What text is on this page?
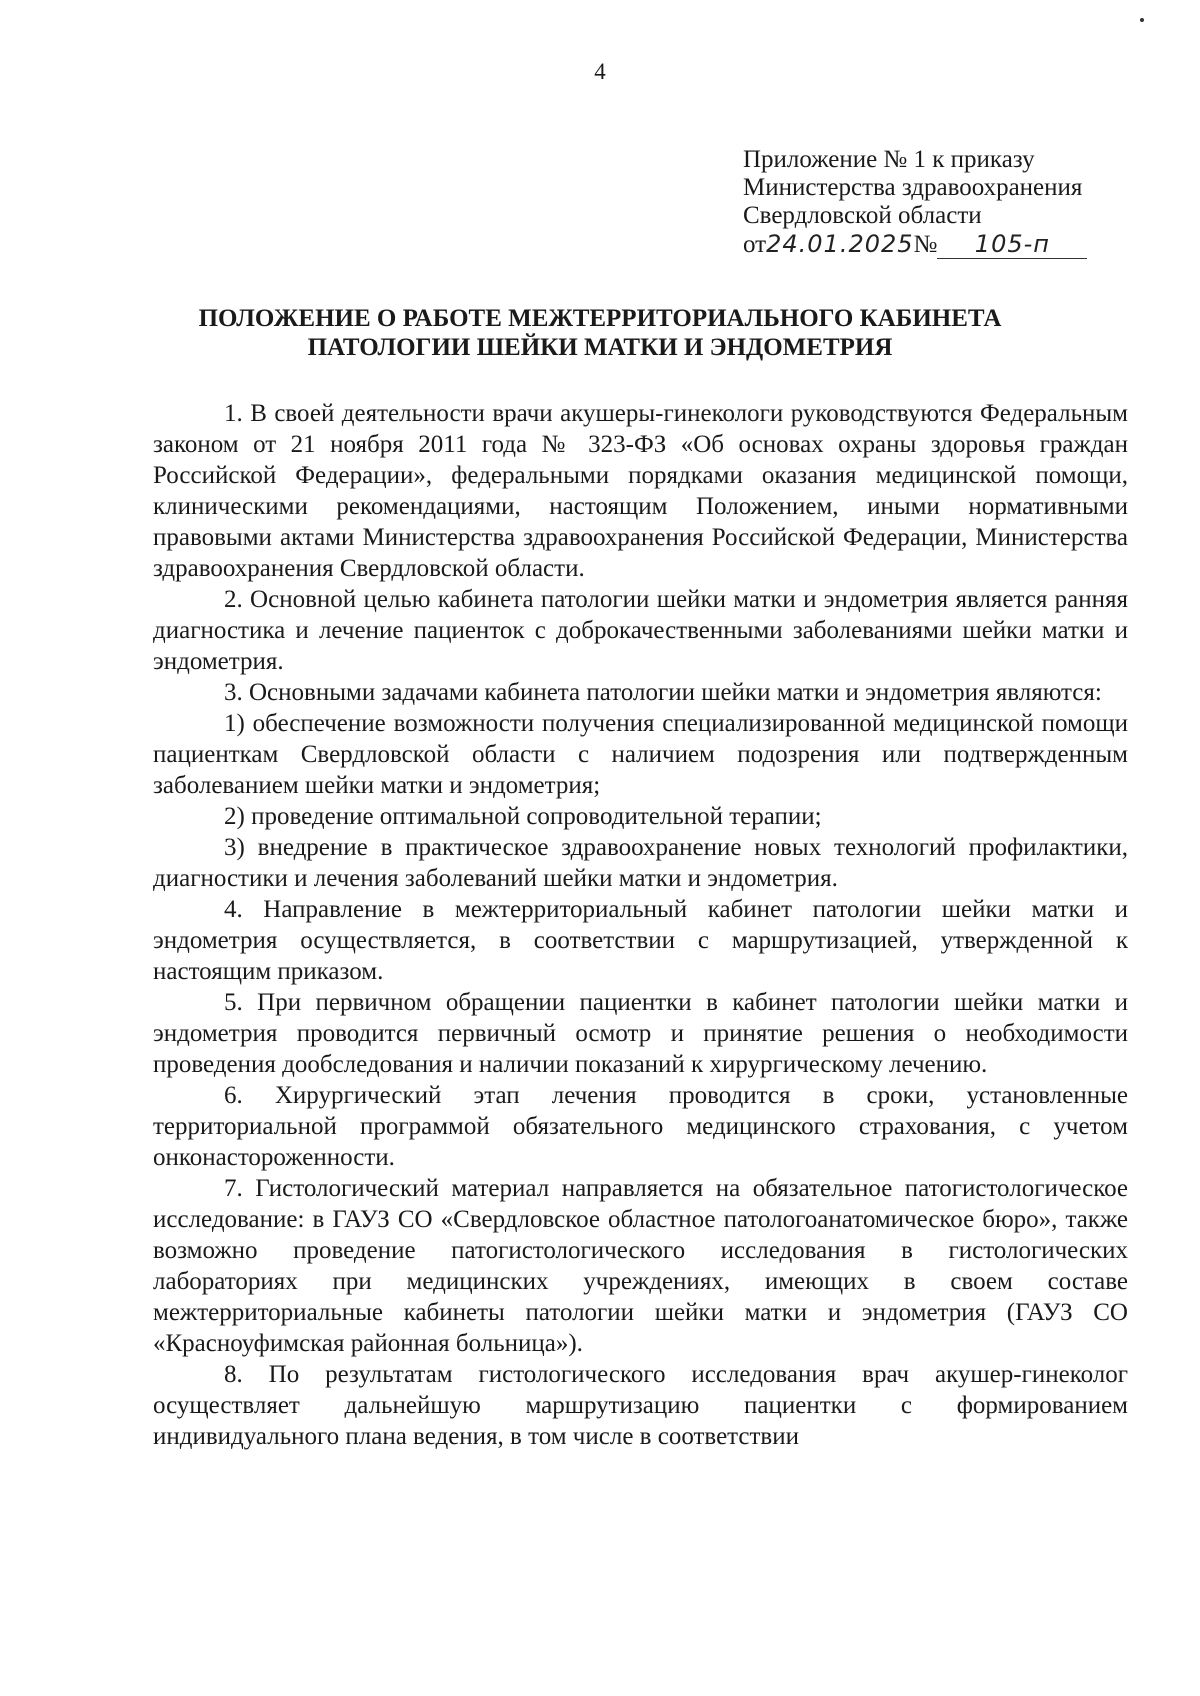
4
Приложение № 1 к приказу
Министерства здравоохранения
Свердловской области
от24.01.2025№ 105-п
ПОЛОЖЕНИЕ О РАБОТЕ МЕЖТЕРРИТОРИАЛЬНОГО КАБИНЕТА
ПАТОЛОГИИ ШЕЙКИ МАТКИ И ЭНДОМЕТРИЯ

1. В своей деятельности врачи акушеры-гинекологи руководствуются Федеральным законом от 21 ноября 2011 года № 323-ФЗ «Об основах охраны здоровья граждан Российской Федерации», федеральными порядками оказания медицинской помощи, клиническими рекомендациями, настоящим Положением, иными нормативными правовыми актами Министерства здравоохранения Российской Федерации, Министерства здравоохранения Свердловской области.

2. Основной целью кабинета патологии шейки матки и эндометрия является ранняя диагностика и лечение пациенток с доброкачественными заболеваниями шейки матки и эндометрия.

3. Основными задачами кабинета патологии шейки матки и эндометрия являются:

1) обеспечение возможности получения специализированной медицинской помощи пациенткам Свердловской области с наличием подозрения или подтвержденным заболеванием шейки матки и эндометрия;

2) проведение оптимальной сопроводительной терапии;

3) внедрение в практическое здравоохранение новых технологий профилактики, диагностики и лечения заболеваний шейки матки и эндометрия.

4. Направление в межтерриториальный кабинет патологии шейки матки и эндометрия осуществляется, в соответствии с маршрутизацией, утвержденной к настоящим приказом.

5. При первичном обращении пациентки в кабинет патологии шейки матки и эндометрия проводится первичный осмотр и принятие решения о необходимости проведения дообследования и наличии показаний к хирургическому лечению.

6. Хирургический этап лечения проводится в сроки, установленные территориальной программой обязательного медицинского страхования, с учетом онконастороженности.

7. Гистологический материал направляется на обязательное патогистологическое исследование: в ГАУЗ СО «Свердловское областное патологоанатомическое бюро», также возможно проведение патогистологического исследования в гистологических лабораториях при медицинских учреждениях, имеющих в своем составе межтерриториальные кабинеты патологии шейки матки и эндометрия (ГАУЗ СО «Красноуфимская районная больница»).

8. По результатам гистологического исследования врач акушер-гинеколог осуществляет дальнейшую маршрутизацию пациентки с формированием индивидуального плана ведения, в том числе в соответствии
